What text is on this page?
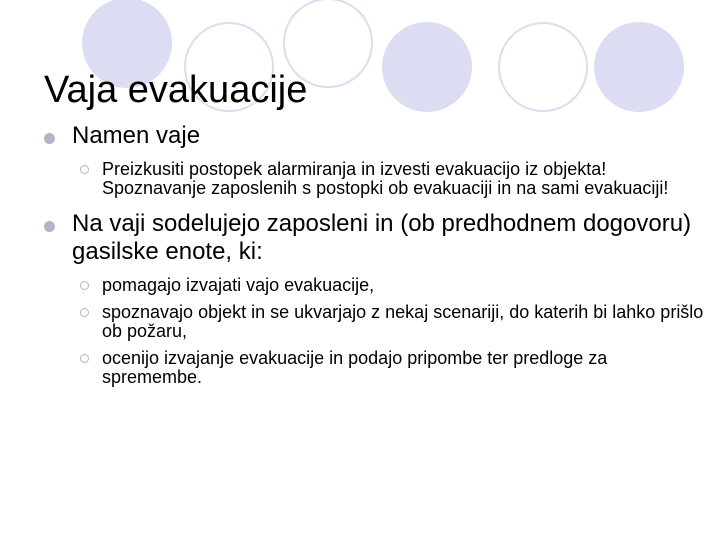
Vaja evakuacije
Namen vaje
Preizkusiti postopek alarmiranja in izvesti evakuacijo iz objekta! Spoznavanje zaposlenih s postopki ob evakuaciji in na sami evakuaciji!
Na vaji sodelujejo zaposleni in (ob predhodnem dogovoru) gasilske enote, ki:
pomagajo izvajati vajo evakuacije,
spoznavajo objekt in se ukvarjajo z nekaj scenariji, do katerih bi lahko prišlo ob požaru,
ocenijo izvajanje evakuacije in podajo pripombe ter predloge za spremembe.
